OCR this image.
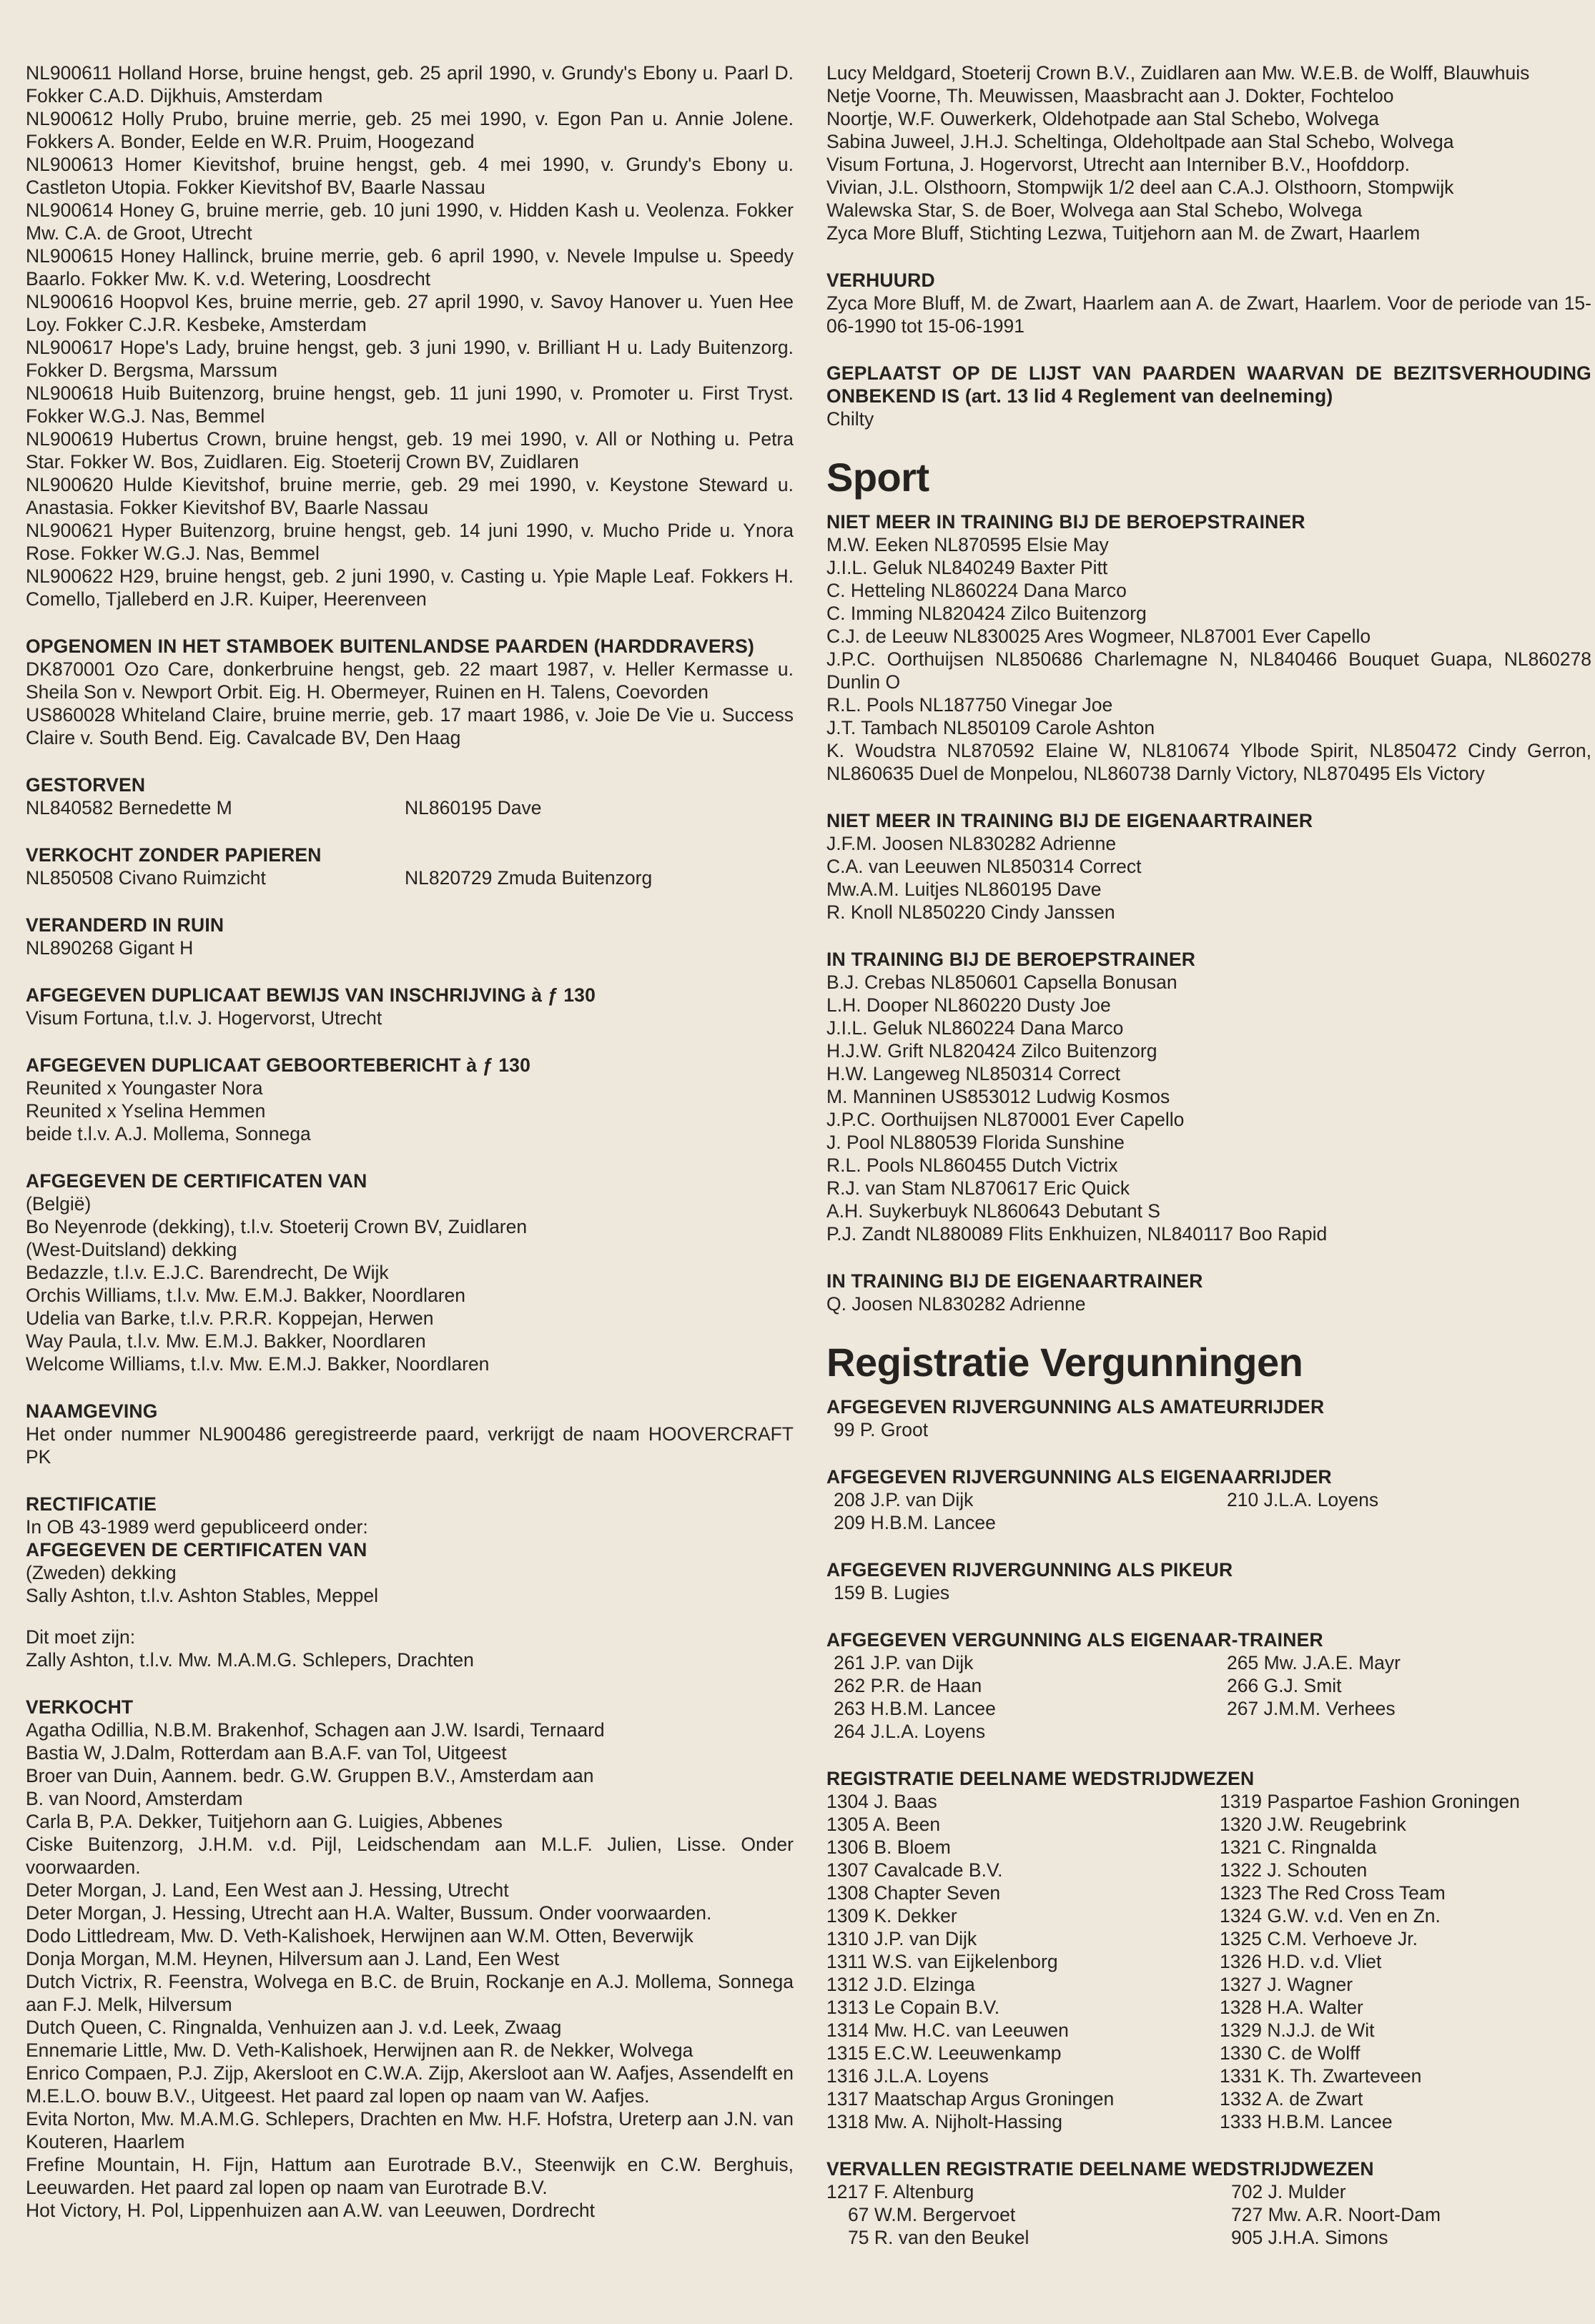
NL900611 Holland Horse, bruine hengst, geb. 25 april 1990, v. Grundy's Ebony u. Paarl D. Fokker C.A.D. Dijkhuis, Amsterdam

NL900612 Holly Prubo, bruine merrie, geb. 25 mei 1990, v. Egon Pan u. Annie Jolene. Fokkers A. Bonder, Eelde en W.R. Pruim, Hoogezand

NL900613 Homer Kievitshof, bruine hengst, geb. 4 mei 1990, v. Grundy's Ebony u. Castleton Utopia. Fokker Kievitshof BV, Baarle Nassau

NL900614 Honey G, bruine merrie, geb. 10 juni 1990, v. Hidden Kash u. Veolenza. Fokker Mw. C.A. de Groot, Utrecht

NL900615 Honey Hallinck, bruine merrie, geb. 6 april 1990, v. Nevele Impulse u. Speedy Baarlo. Fokker Mw. K. v.d. Wetering, Loosdrecht

NL900616 Hoopvol Kes, bruine merrie, geb. 27 april 1990, v. Savoy Hanover u. Yuen Hee Loy. Fokker C.J.R. Kesbeke, Amsterdam

NL900617 Hope's Lady, bruine hengst, geb. 3 juni 1990, v. Brilliant H u. Lady Buitenzorg. Fokker D. Bergsma, Marssum

NL900618 Huib Buitenzorg, bruine hengst, geb. 11 juni 1990, v. Promoter u. First Tryst. Fokker W.G.J. Nas, Bemmel

NL900619 Hubertus Crown, bruine hengst, geb. 19 mei 1990, v. All or Nothing u. Petra Star. Fokker W. Bos, Zuidlaren. Eig. Stoeterij Crown BV, Zuidlaren

NL900620 Hulde Kievitshof, bruine merrie, geb. 29 mei 1990, v. Keystone Steward u. Anastasia. Fokker Kievitshof BV, Baarle Nassau

NL900621 Hyper Buitenzorg, bruine hengst, geb. 14 juni 1990, v. Mucho Pride u. Ynora Rose. Fokker W.G.J. Nas, Bemmel

NL900622 H29, bruine hengst, geb. 2 juni 1990, v. Casting u. Ypie Maple Leaf. Fokkers H. Comello, Tjalleberd en J.R. Kuiper, Heerenveen

OPGENOMEN IN HET STAMBOEK BUITENLANDSE PAARDEN (HARDDRAVERS)

DK870001 Ozo Care, donkerbruine hengst, geb. 22 maart 1987, v. Heller Kermasse u. Sheila Son v. Newport Orbit. Eig. H. Obermeyer, Ruinen en H. Talens, Coevorden

US860028 Whiteland Claire, bruine merrie, geb. 17 maart 1986, v. Joie De Vie u. Success Claire v. South Bend. Eig. Cavalcade BV, Den Haag

GESTORVEN
NL840582 Bernedette M	NL860195 Dave
VERKOCHT ZONDER PAPIEREN
NL850508 Civano Ruimzicht	NL820729 Zmuda Buitenzorg
VERANDERD IN RUIN
NL890268 Gigant H
AFGEGEVEN DUPLICAAT BEWIJS VAN INSCHRIJVING à ƒ 130
Visum Fortuna, t.l.v. J. Hogervorst, Utrecht
AFGEGEVEN DUPLICAAT GEBOORTEBERICHT à ƒ 130

Reunited x Youngaster Nora

Reunited x Yselina Hemmen

beide t.l.v. A.J. Mollema, Sonnega

AFGEGEVEN DE CERTIFICATEN VAN

(België)

Bo Neyenrode (dekking), t.l.v. Stoeterij Crown BV, Zuidlaren

(West-Duitsland) dekking

Bedazzle, t.l.v. E.J.C. Barendrecht, De Wijk

Orchis Williams, t.l.v. Mw. E.M.J. Bakker, Noordlaren

Udelia van Barke, t.l.v. P.R.R. Koppejan, Herwen

Way Paula, t.l.v. Mw. E.M.J. Bakker, Noordlaren

Welcome Williams, t.l.v. Mw. E.M.J. Bakker, Noordlaren

NAAMGEVING
Het onder nummer NL900486 geregistreerde paard, verkrijgt de naam HOOVERCRAFT PK
RECTIFICATIE
In OB 43-1989 werd gepubliceerd onder:
AFGEGEVEN DE CERTIFICATEN VAN
(Zweden) dekking
Sally Ashton, t.l.v. Ashton Stables, Meppel
Dit moet zijn:
Zally Ashton, t.l.v. Mw. M.A.M.G. Schlepers, Drachten
VERKOCHT

Agatha Odillia, N.B.M. Brakenhof, Schagen aan J.W. Isardi, Ternaard

Bastia W, J.Dalm, Rotterdam aan B.A.F. van Tol, Uitgeest

Broer van Duin, Aannem. bedr. G.W. Gruppen B.V., Amsterdam aan

B. van Noord, Amsterdam

Carla B, P.A. Dekker, Tuitjehorn aan G. Luigies, Abbenes

Ciske Buitenzorg, J.H.M. v.d. Pijl, Leidschendam aan M.L.F. Julien, Lisse. Onder voorwaarden.

Deter Morgan, J. Land, Een West aan J. Hessing, Utrecht

Deter Morgan, J. Hessing, Utrecht aan H.A. Walter, Bussum. Onder voorwaarden.

Dodo Littledream, Mw. D. Veth-Kalishoek, Herwijnen aan W.M. Otten, Beverwijk

Donja Morgan, M.M. Heynen, Hilversum aan J. Land, Een West

Dutch Victrix, R. Feenstra, Wolvega en B.C. de Bruin, Rockanje en A.J. Mollema, Sonnega aan F.J. Melk, Hilversum

Dutch Queen, C. Ringnalda, Venhuizen aan J. v.d. Leek, Zwaag

Ennemarie Little, Mw. D. Veth-Kalishoek, Herwijnen aan R. de Nekker, Wolvega

Enrico Compaen, P.J. Zijp, Akersloot en C.W.A. Zijp, Akersloot aan W. Aafjes, Assendelft en M.E.L.O. bouw B.V., Uitgeest. Het paard zal lopen op naam van W. Aafjes.

Evita Norton, Mw. M.A.M.G. Schlepers, Drachten en Mw. H.F. Hofstra, Ureterp aan J.N. van Kouteren, Haarlem

Frefine Mountain, H. Fijn, Hattum aan Eurotrade B.V., Steenwijk en C.W. Berghuis, Leeuwarden. Het paard zal lopen op naam van Eurotrade B.V.

Hot Victory, H. Pol, Lippenhuizen aan A.W. van Leeuwen, Dordrecht

Lucy Meldgard, Stoeterij Crown B.V., Zuidlaren aan Mw. W.E.B. de Wolff, Blauwhuis

Netje Voorne, Th. Meuwissen, Maasbracht aan J. Dokter, Fochteloo

Noortje, W.F. Ouwerkerk, Oldehotpade aan Stal Schebo, Wolvega

Sabina Juweel, J.H.J. Scheltinga, Oldeholtpade aan Stal Schebo, Wolvega

Visum Fortuna, J. Hogervorst, Utrecht aan Interniber B.V., Hoofddorp.

Vivian, J.L. Olsthoorn, Stompwijk 1/2 deel aan C.A.J. Olsthoorn, Stompwijk

Walewska Star, S. de Boer, Wolvega aan Stal Schebo, Wolvega

Zyca More Bluff, Stichting Lezwa, Tuitjehorn aan M. de Zwart, Haarlem

VERHUURD
Zyca More Bluff, M. de Zwart, Haarlem aan A. de Zwart, Haarlem. Voor de periode van 15-06-1990 tot 15-06-1991
GEPLAATST OP DE LIJST VAN PAARDEN WAARVAN DE BEZITSVERHOUDING ONBEKEND IS (art. 13 lid 4 Reglement van deelneming)
Chilty
Sport
NIET MEER IN TRAINING BIJ DE BEROEPSTRAINER

M.W. Eeken NL870595 Elsie May

J.I.L. Geluk NL840249 Baxter Pitt

C. Hetteling NL860224 Dana Marco

C. Imming NL820424 Zilco Buitenzorg

C.J. de Leeuw NL830025 Ares Wogmeer, NL87001 Ever Capello

J.P.C. Oorthuijsen NL850686 Charlemagne N, NL840466 Bouquet Guapa, NL860278 Dunlin O

R.L. Pools NL187750 Vinegar Joe

J.T. Tambach NL850109 Carole Ashton

K. Woudstra NL870592 Elaine W, NL810674 Ylbode Spirit, NL850472 Cindy Gerron, NL860635 Duel de Monpelou, NL860738 Darnly Victory, NL870495 Els Victory

NIET MEER IN TRAINING BIJ DE EIGENAARTRAINER

J.F.M. Joosen NL830282 Adrienne

C.A. van Leeuwen NL850314 Correct

Mw.A.M. Luitjes NL860195 Dave

R. Knoll NL850220 Cindy Janssen

IN TRAINING BIJ DE BEROEPSTRAINER

B.J. Crebas NL850601 Capsella Bonusan

L.H. Dooper NL860220 Dusty Joe

J.I.L. Geluk NL860224 Dana Marco

H.J.W. Grift NL820424 Zilco Buitenzorg

H.W. Langeweg NL850314 Correct

M. Manninen US853012 Ludwig Kosmos

J.P.C. Oorthuijsen NL870001 Ever Capello

J. Pool NL880539 Florida Sunshine

R.L. Pools NL860455 Dutch Victrix

R.J. van Stam NL870617 Eric Quick

A.H. Suykerbuyk NL860643 Debutant S

P.J. Zandt NL880089 Flits Enkhuizen, NL840117 Boo Rapid

IN TRAINING BIJ DE EIGENAARTRAINER
Q. Joosen NL830282 Adrienne
Registratie Vergunningen
AFGEGEVEN RIJVERGUNNING ALS AMATEURRIJDER
99 P. Groot
AFGEGEVEN RIJVERGUNNING ALS EIGENAARRIJDER

208 J.P. van Dijk

209 H.B.M. Lancee

210 J.L.A. Loyens

AFGEGEVEN RIJVERGUNNING ALS PIKEUR
159 B. Lugies
AFGEGEVEN VERGUNNING ALS EIGENAAR-TRAINER

261 J.P. van Dijk

262 P.R. de Haan

263 H.B.M. Lancee

264 J.L.A. Loyens

265 Mw. J.A.E. Mayr

266 G.J. Smit

267 J.M.M. Verhees

REGISTRATIE DEELNAME WEDSTRIJDWEZEN

1304 J. Baas

1305 A. Been

1306 B. Bloem

1307 Cavalcade B.V.

1308 Chapter Seven

1309 K. Dekker

1310 J.P. van Dijk

1311 W.S. van Eijkelenborg

1312 J.D. Elzinga

1313 Le Copain B.V.

1314 Mw. H.C. van Leeuwen

1315 E.C.W. Leeuwenkamp

1316 J.L.A. Loyens

1317 Maatschap Argus Groningen

1318 Mw. A. Nijholt-Hassing

1319 Paspartoe Fashion Groningen

1320 J.W. Reugebrink

1321 C. Ringnalda

1322 J. Schouten

1323 The Red Cross Team

1324 G.W. v.d. Ven en Zn.

1325 C.M. Verhoeve Jr.

1326 H.D. v.d. Vliet

1327 J. Wagner

1328 H.A. Walter

1329 N.J.J. de Wit

1330 C. de Wolff

1331 K. Th. Zwarteveen

1332 A. de Zwart

1333 H.B.M. Lancee

VERVALLEN REGISTRATIE DEELNAME WEDSTRIJDWEZEN

1217 F. Altenburg

67 W.M. Bergervoet

75 R. van den Beukel

702 J. Mulder

727 Mw. A.R. Noort-Dam

905 J.H.A. Simons
